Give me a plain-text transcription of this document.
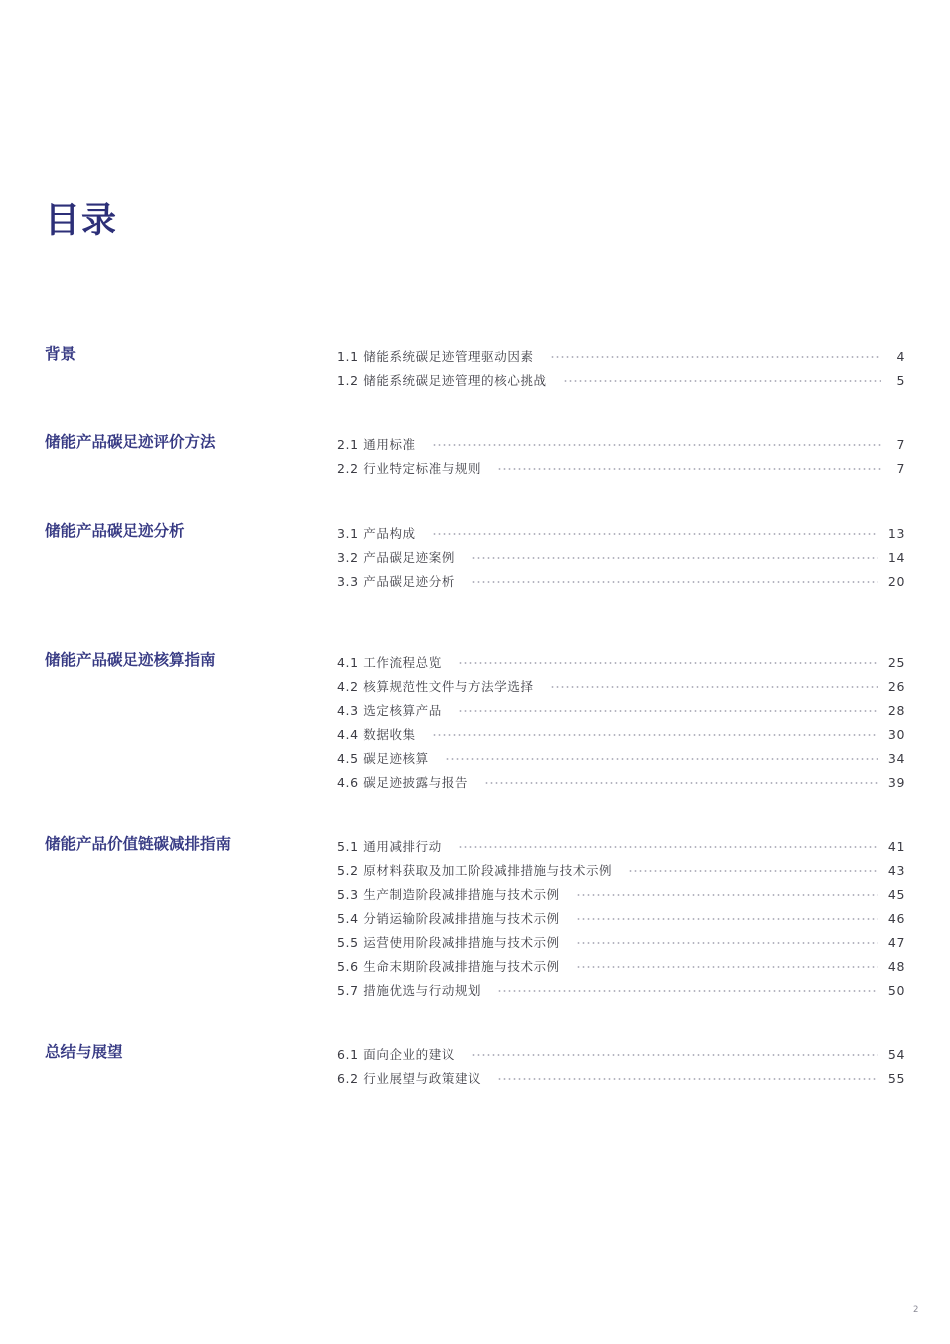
目录
背景	1.1 储能系统碳足迹管理驱动因素	4
1.2 储能系统碳足迹管理的核心挑战	5
储能产品碳足迹评价方法	2.1 通用标准	7
2.2 行业特定标准与规则	7
储能产品碳足迹分析	3.1 产品构成	13
3.2 产品碳足迹案例	14
3.3 产品碳足迹分析	20
储能产品碳足迹核算指南	4.1 工作流程总览	25
4.2 核算规范性文件与方法学选择	26
4.3 选定核算产品	28
4.4 数据收集	30
4.5 碳足迹核算	34
4.6 碳足迹披露与报告	39
储能产品价值链碳减排指南	5.1 通用减排行动	41
5.2 原材料获取及加工阶段减排措施与技术示例	43
5.3 生产制造阶段减排措施与技术示例	45
5.4 分销运输阶段减排措施与技术示例	46
5.5 运营使用阶段减排措施与技术示例	47
5.6 生命末期阶段减排措施与技术示例	48
5.7 措施优选与行动规划	50
总结与展望	6.1 面向企业的建议	54
6.2 行业展望与政策建议	55
2
